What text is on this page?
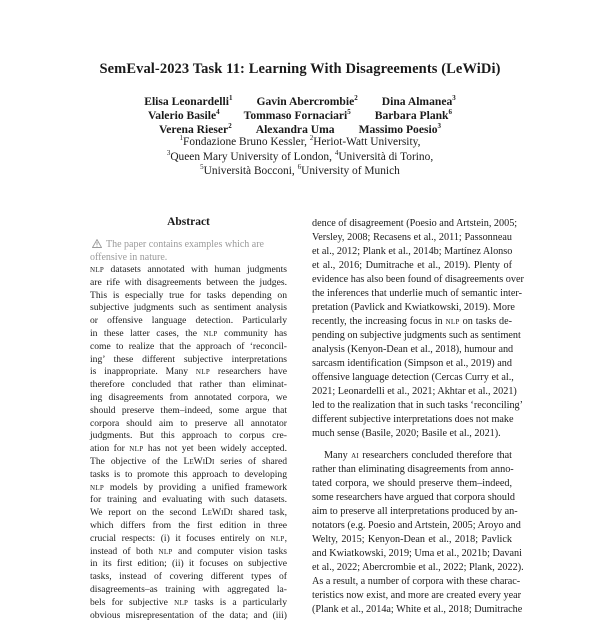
SemEval-2023 Task 11: Learning With Disagreements (LeWiDi)
Elisa Leonardelli$^1$ Gavin Abercrombie$^2$ Dina Almanea$^3$
Valerio Basile$^4$ Tommaso Fornaciari$^5$ Barbara Plank$^6$
Verena Rieser$^2$ Alexandra Uma Massimo Poesio$^3$
$^1$Fondazione Bruno Kessler, $^2$Heriot-Watt University,
$^3$Queen Mary University of London, $^4$Università di Torino,
$^5$Università Bocconi, $^6$University of Munich
Abstract
The paper contains examples which are
offensive in nature.
nlp datasets annotated with human judgments
are rife with disagreements between the judges.
This is especially true for tasks depending on
subjective judgments such as sentiment analysis
or offensive language detection. Particularly
in these latter cases, the nlp community has
come to realize that the approach of ‘reconcil-
ing’ these different subjective interpretations
is inappropriate. Many nlp researchers have
therefore concluded that rather than eliminat-
ing disagreements from annotated corpora, we
should preserve them–indeed, some argue that
corpora should aim to preserve all annotator
judgments. But this approach to corpus cre-
ation for nlp has not yet been widely accepted.
The objective of the LeWiDi series of shared
tasks is to promote this approach to developing
nlp models by providing a unified framework
for training and evaluating with such datasets.
We report on the second LeWiDi shared task,
which differs from the first edition in three
crucial respects: (i) it focuses entirely on nlp,
instead of both nlp and computer vision tasks
in its first edition; (ii) it focuses on subjective
tasks, instead of covering different types of
disagreements–as training with aggregated la-
bels for subjective nlp tasks is a particularly
obvious misrepresentation of the data; and (iii)
dence of disagreement (Poesio and Artstein, 2005;
Versley, 2008; Recasens et al., 2011; Passonneau
et al., 2012; Plank et al., 2014b; Martínez Alonso
et al., 2016; Dumitrache et al., 2019). Plenty of
evidence has also been found of disagreements over
the inferences that underlie much of semantic inter-
pretation (Pavlick and Kwiatkowski, 2019). More
recently, the increasing focus in nlp on tasks de-
pending on subjective judgments such as sentiment
analysis (Kenyon-Dean et al., 2018), humour and
sarcasm identification (Simpson et al., 2019) and
offensive language detection (Cercas Curry et al.,
2021; Leonardelli et al., 2021; Akhtar et al., 2021)
led to the realization that in such tasks ‘reconciling’
different subjective interpretations does not make
much sense (Basile, 2020; Basile et al., 2021).
Many ai researchers concluded therefore that
rather than eliminating disagreements from anno-
tated corpora, we should preserve them–indeed,
some researchers have argued that corpora should
aim to preserve all interpretations produced by an-
notators (e.g. Poesio and Artstein, 2005; Aroyo and
Welty, 2015; Kenyon-Dean et al., 2018; Pavlick
and Kwiatkowski, 2019; Uma et al., 2021b; Davani
et al., 2022; Abercrombie et al., 2022; Plank, 2022).
As a result, a number of corpora with these charac-
teristics now exist, and more are created every year
(Plank et al., 2014a; White et al., 2018; Dumitrache
